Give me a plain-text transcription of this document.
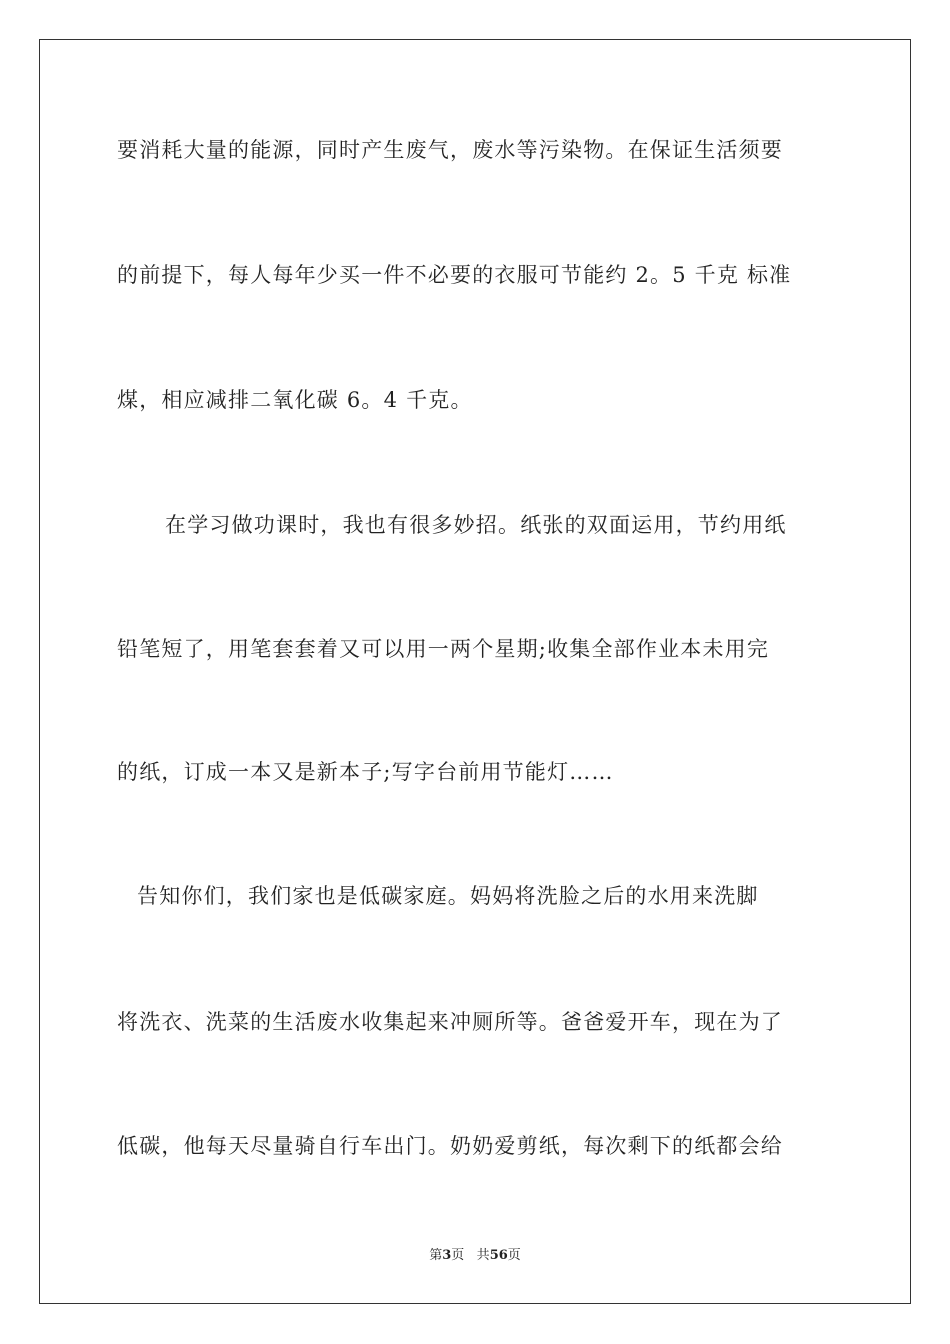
要消耗大量的能源，同时产生废气，废水等污染物。在保证生活须要
的前提下，每人每年少买一件不必要的衣服可节能约 2。5 千克 标准
煤，相应减排二氧化碳 6。4 千克。
在学习做功课时，我也有很多妙招。纸张的双面运用，节约用纸
铅笔短了，用笔套套着又可以用一两个星期;收集全部作业本未用完
的纸，订成一本又是新本子;写字台前用节能灯……
告知你们，我们家也是低碳家庭。妈妈将洗脸之后的水用来洗脚
将洗衣、洗菜的生活废水收集起来冲厕所等。爸爸爱开车，现在为了
低碳，他每天尽量骑自行车出门。奶奶爱剪纸，每次剩下的纸都会给
第3页 共56页
